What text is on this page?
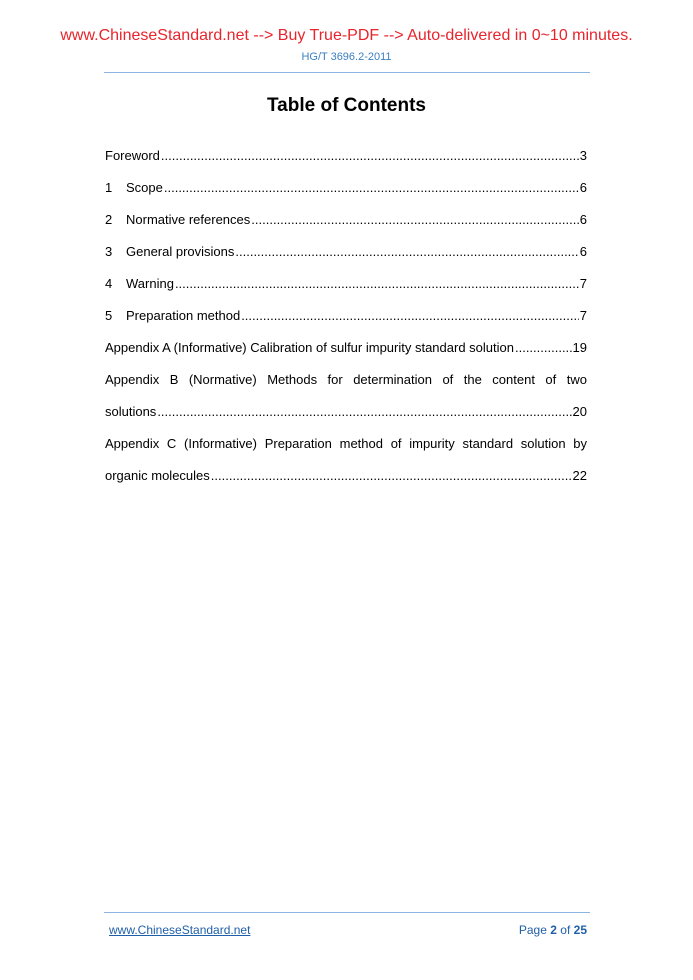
www.ChineseStandard.net --> Buy True-PDF --> Auto-delivered in 0~10 minutes.
HG/T 3696.2-2011
Table of Contents
Foreword .....	3
1	Scope .....	6
2	Normative references .....	6
3	General provisions .....	6
4	Warning .....	7
5	Preparation method .....	7
Appendix A (Informative) Calibration of sulfur impurity standard solution .....	19
Appendix B (Normative) Methods for determination of the content of two
solutions .....	20
Appendix C (Informative) Preparation method of impurity standard solution by
organic molecules .....	22
www.ChineseStandard.net	Page 2 of 25
